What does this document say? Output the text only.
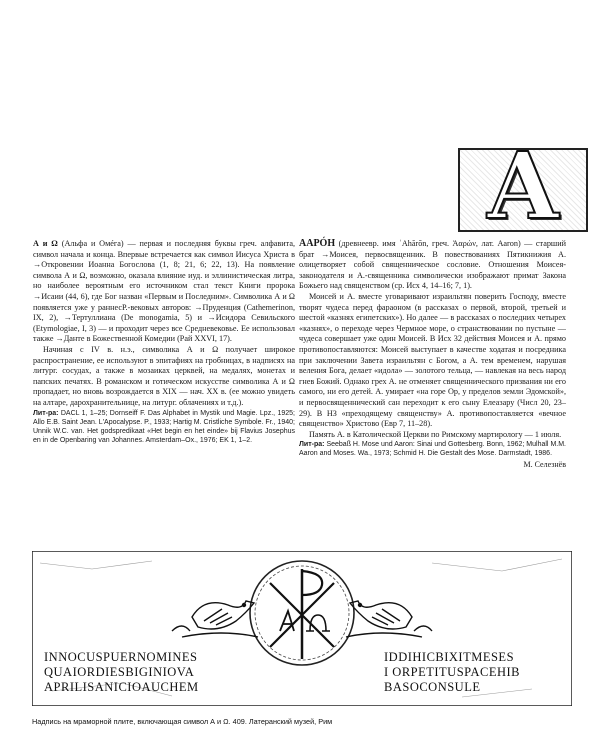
A

А и Ω (Альфа и Омéга) — первая и последняя буквы греч. алфавита, символ начала и конца. Впервые встречается как символ Иисуса Христа в →Откровении Иоанна Богослова (1, 8; 21, 6; 22, 13). На появление символа А и Ω, возможно, оказала влияние иуд. и эллинистическая литра, но наиболее вероятным его источником стал текст Книги пророка →Исаии (44, 6), где Бог назван «Первым и Последним». Символика А и Ω появляется уже у раннесР.-вековых авторов: →Пруденция (Cathemerinon, IX, 2), →Тертуллиана (De monogamia, 5) и →Исидора Севильского (Etymologiae, I, 3) — и проходит через все Средневековье. Ее использовал также →Данте в Божественной Комедии (Рай XXVI, 17).

Начиная с IV в. н.э., символика А и Ω получает широкое распространение, ее используют в эпитафиях на гробницах, в надписях на литург. сосудах, а также в мозаиках церквей, на медалях, монетах и папских печатях. В романском и готическом искусстве символика А и Ω пропадает, но вновь возрождается в XIX — нач. XX в. (ее можно увидеть на алтаре, дарохранительнице, на литург. облачениях и т.д.).

Лит-ра: DACL 1, 1–25; Dornseiff F. Das Alphabet in Mystik und Magie. Lpz., 1925; Allo E.B. Saint Jean. L'Apocalypse. P., 1933; Hartig M. Cristliche Symbole. Fr., 1940; Unnik W.C. van. Het godspredikaat «Het begin en het einde» bij Flavius Josephus en in de Openbaring van Johannes. Amsterdam–Ox., 1976; EK 1, 1–2.

ААРÓН (древнеевр. имя ʾAhărōn, греч. Ἀαρών, лат. Aaron) — старший брат →Моисея, первосвященник. В повествованиях Пятикнижия А. олицетворяет собой священническое сословие. Отношения Моисея-законодателя и А.-священника символически изображают примат Закона Божьего над священством (ср. Исх 4, 14–16; 7, 1).

Моисей и А. вместе уговаривают израильтян поверить Господу, вместе творят чудеса перед фараоном (в рассказах о первой, второй, третьей и шестой «казнях египетских»). Но далее — в рассказах о последних четырех «казнях», о переходе через Чермное море, о странствовании по пустыне — чудеса совершает уже один Моисей. В Исх 32 действия Моисея и А. прямо противопоставляются: Моисей выступает в качестве ходатая и посредника при заключении Завета израильтян с Богом, а А. тем временем, нарушая веления Бога, делает «идола» — золотого тельца, — навлекая на весь народ гнев Божий. Однако грех А. не отменяет священнического призвания ни его самого, ни его детей. А. умирает «на горе Ор, у пределов земли Эдомской», и первосвященнический сан переходит к его сыну Елеазару (Числ 20, 23–29). В НЗ «преходящему священству» А. противопоставляется «вечное священство» Христово (Евр 7, 11–28).

Память А. в Католической Церкви по Римскому мартирологу — 1 июля.

Лит-ра: Seebaß H. Mose und Aaron: Sinai und Gottesberg. Bonn, 1962; Mulhall M.M. Aaron and Moses. Wa., 1973; Schmid H. Die Gestalt des Mose. Darmstadt, 1986.

М. Селезнёв
INNOCUSPUERNOMINES
QUAIORDIESBIGINIOVA
APRILISANICIOAUCHEM
IDDIHICBIXITMESES
I ORPETITUSPACEHIB
BASOCONSULE
Надпись на мраморной плите, включающая символ А и Ω. 409. Латеранский музей, Рим
